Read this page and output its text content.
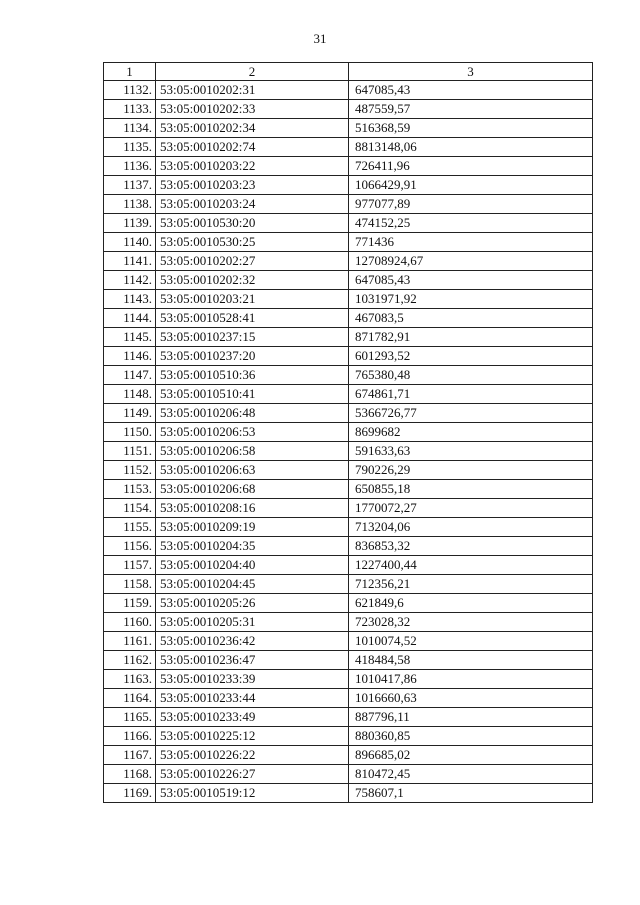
31
1	2	3
1132.	53:05:0010202:31	647085,43
1133.	53:05:0010202:33	487559,57
1134.	53:05:0010202:34	516368,59
1135.	53:05:0010202:74	8813148,06
1136.	53:05:0010203:22	726411,96
1137.	53:05:0010203:23	1066429,91
1138.	53:05:0010203:24	977077,89
1139.	53:05:0010530:20	474152,25
1140.	53:05:0010530:25	771436
1141.	53:05:0010202:27	12708924,67
1142.	53:05:0010202:32	647085,43
1143.	53:05:0010203:21	1031971,92
1144.	53:05:0010528:41	467083,5
1145.	53:05:0010237:15	871782,91
1146.	53:05:0010237:20	601293,52
1147.	53:05:0010510:36	765380,48
1148.	53:05:0010510:41	674861,71
1149.	53:05:0010206:48	5366726,77
1150.	53:05:0010206:53	8699682
1151.	53:05:0010206:58	591633,63
1152.	53:05:0010206:63	790226,29
1153.	53:05:0010206:68	650855,18
1154.	53:05:0010208:16	1770072,27
1155.	53:05:0010209:19	713204,06
1156.	53:05:0010204:35	836853,32
1157.	53:05:0010204:40	1227400,44
1158.	53:05:0010204:45	712356,21
1159.	53:05:0010205:26	621849,6
1160.	53:05:0010205:31	723028,32
1161.	53:05:0010236:42	1010074,52
1162.	53:05:0010236:47	418484,58
1163.	53:05:0010233:39	1010417,86
1164.	53:05:0010233:44	1016660,63
1165.	53:05:0010233:49	887796,11
1166.	53:05:0010225:12	880360,85
1167.	53:05:0010226:22	896685,02
1168.	53:05:0010226:27	810472,45
1169.	53:05:0010519:12	758607,1
